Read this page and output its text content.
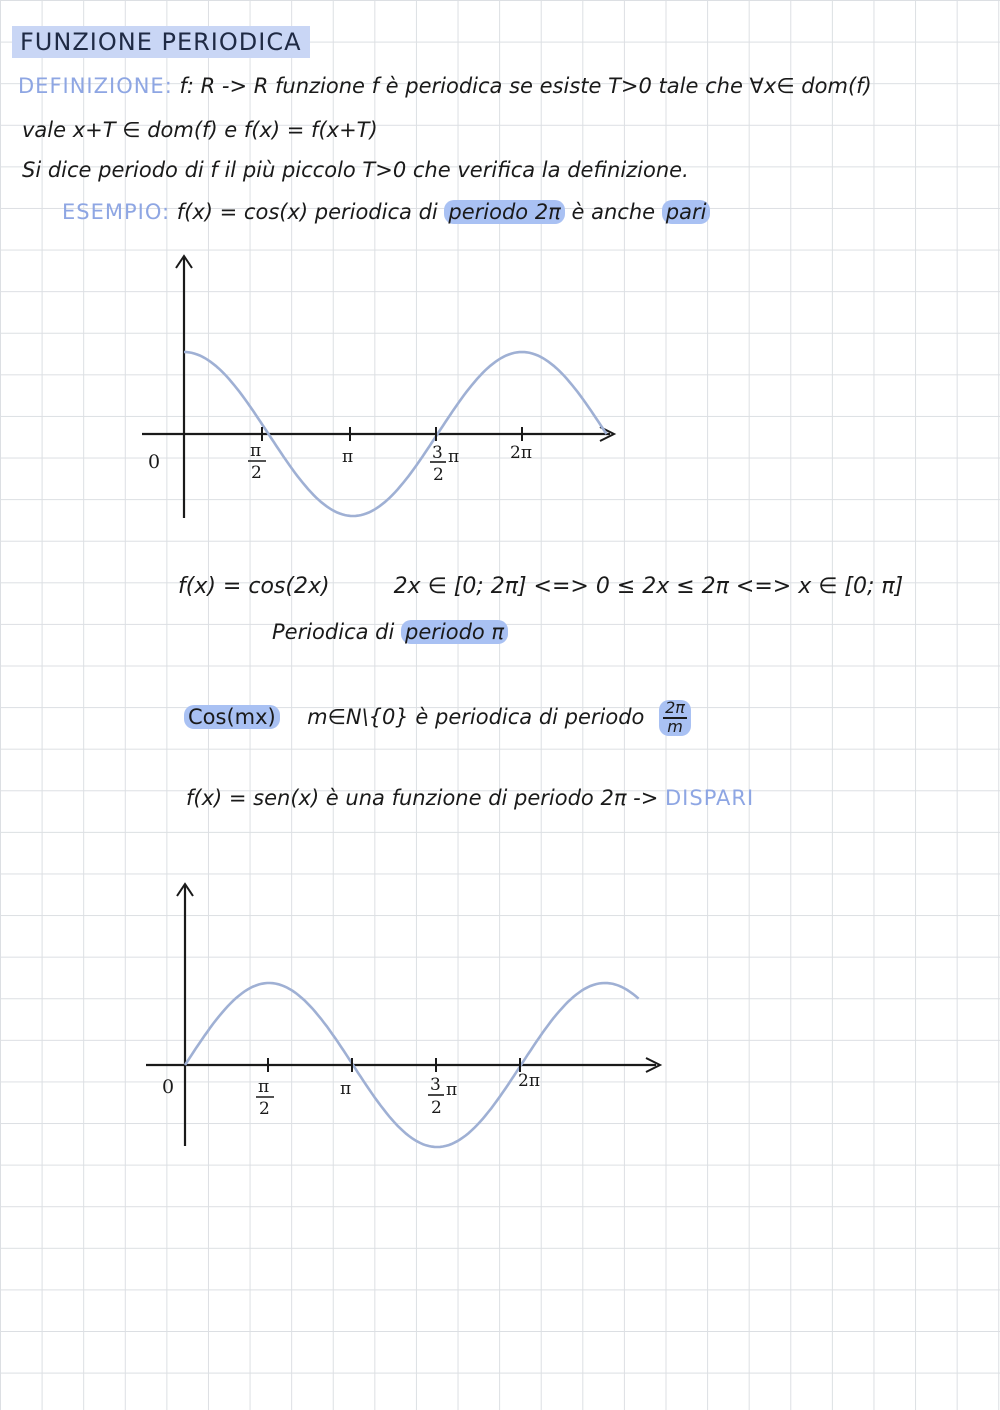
FUNZIONE PERIODICA
DEFINIZIONE: f: R -> R funzione f è periodica se esiste T>0 tale che ∀x∈ dom(f)
vale x+T ∈ dom(f) e f(x) = f(x+T)
Si dice periodo di f il più piccolo T>0 che verifica la definizione.
ESEMPIO: f(x) = cos(x) periodica di periodo 2π è anche pari
0	π
2
π	3
2
π	2π
f(x) = cos(2x)	2x ∈ [0; 2π] <=> 0 ≤ 2x ≤ 2π <=> x ∈ [0; π]
Periodica di periodo π
Cos(mx) m∈N\{0} è periodica di periodo $\frac{2\pi}{m}$
f(x) = sen(x) è una funzione di periodo 2π -> DISPARI
0	π
2
π	3
2
π	2π
